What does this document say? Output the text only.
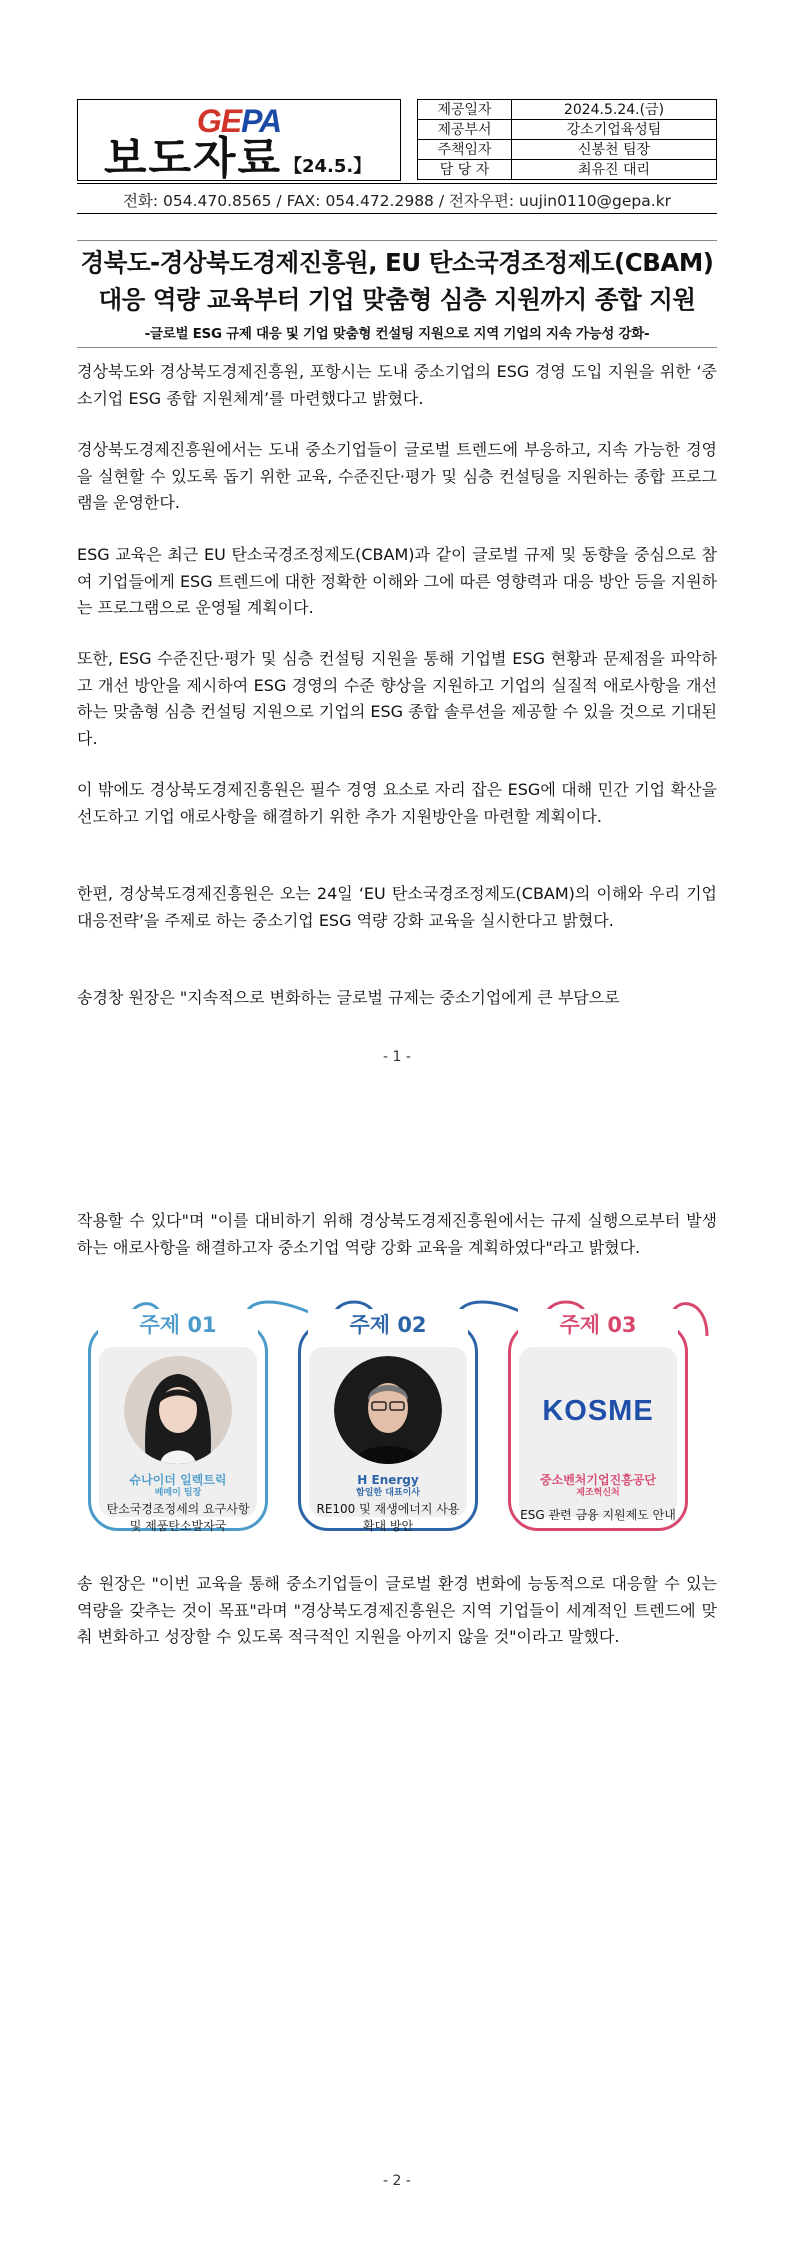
GEPA
보도자료 【24.5.】
제공일자	2024.5.24.(금)
제공부서	강소기업육성팀
주책임자	신봉천 팀장
담 당 자	최유진 대리
전화: 054.470.8565 / FAX: 054.472.2988 / 전자우편: uujin0110@gepa.kr
경북도-경상북도경제진흥원, EU 탄소국경조정제도(CBAM)
대응 역량 교육부터 기업 맞춤형 심층 지원까지 종합 지원
-글로벌 ESG 규제 대응 및 기업 맞춤형 컨설팅 지원으로 지역 기업의 지속 가능성 강화-
경상북도와 경상북도경제진흥원, 포항시는 도내 중소기업의 ESG 경영 도입 지원을 위한 ‘중소기업 ESG 종합 지원체계’를 마련했다고 밝혔다.
경상북도경제진흥원에서는 도내 중소기업들이 글로벌 트렌드에 부응하고, 지속 가능한 경영을 실현할 수 있도록 돕기 위한 교육, 수준진단·평가 및 심층 컨설팅을 지원하는 종합 프로그램을 운영한다.
ESG 교육은 최근 EU 탄소국경조정제도(CBAM)과 같이 글로벌 규제 및 동향을 중심으로 참여 기업들에게 ESG 트렌드에 대한 정확한 이해와 그에 따른 영향력과 대응 방안 등을 지원하는 프로그램으로 운영될 계획이다.
또한, ESG 수준진단·평가 및 심층 컨설팅 지원을 통해 기업별 ESG 현황과 문제점을 파악하고 개선 방안을 제시하여 ESG 경영의 수준 향상을 지원하고 기업의 실질적 애로사항을 개선하는 맞춤형 심층 컨설팅 지원으로 기업의 ESG 종합 솔루션을 제공할 수 있을 것으로 기대된다.
이 밖에도 경상북도경제진흥원은 필수 경영 요소로 자리 잡은 ESG에 대해 민간 기업 확산을 선도하고 기업 애로사항을 해결하기 위한 추가 지원방안을 마련할 계획이다.
한편, 경상북도경제진흥원은 오는 24일 ‘EU 탄소국경조정제도(CBAM)의 이해와 우리 기업 대응전략’을 주제로 하는 중소기업 ESG 역량 강화 교육을 실시한다고 밝혔다.
송경창 원장은 "지속적으로 변화하는 글로벌 규제는 중소기업에게 큰 부담으로
- 1 -
작용할 수 있다"며 "이를 대비하기 위해 경상북도경제진흥원에서는 규제 실행으로부터 발생하는 애로사항을 해결하고자 중소기업 역량 강화 교육을 계획하였다"라고 밝혔다.
주제 01
슈나이더 일렉트릭
베메이 팀장
탄소국경조정세의 요구사항 및 제품탄소발자국
주제 02
H Energy
함일한 대표이사
RE100 및 재생에너지 사용 확대 방안
주제 03
KOSME
중소벤처기업진흥공단
제조혁신처
ESG 관련 금융 지원제도 안내
송 원장은 "이번 교육을 통해 중소기업들이 글로벌 환경 변화에 능동적으로 대응할 수 있는 역량을 갖추는 것이 목표"라며 "경상북도경제진흥원은 지역 기업들이 세계적인 트렌드에 맞춰 변화하고 성장할 수 있도록 적극적인 지원을 아끼지 않을 것"이라고 말했다.
- 2 -
